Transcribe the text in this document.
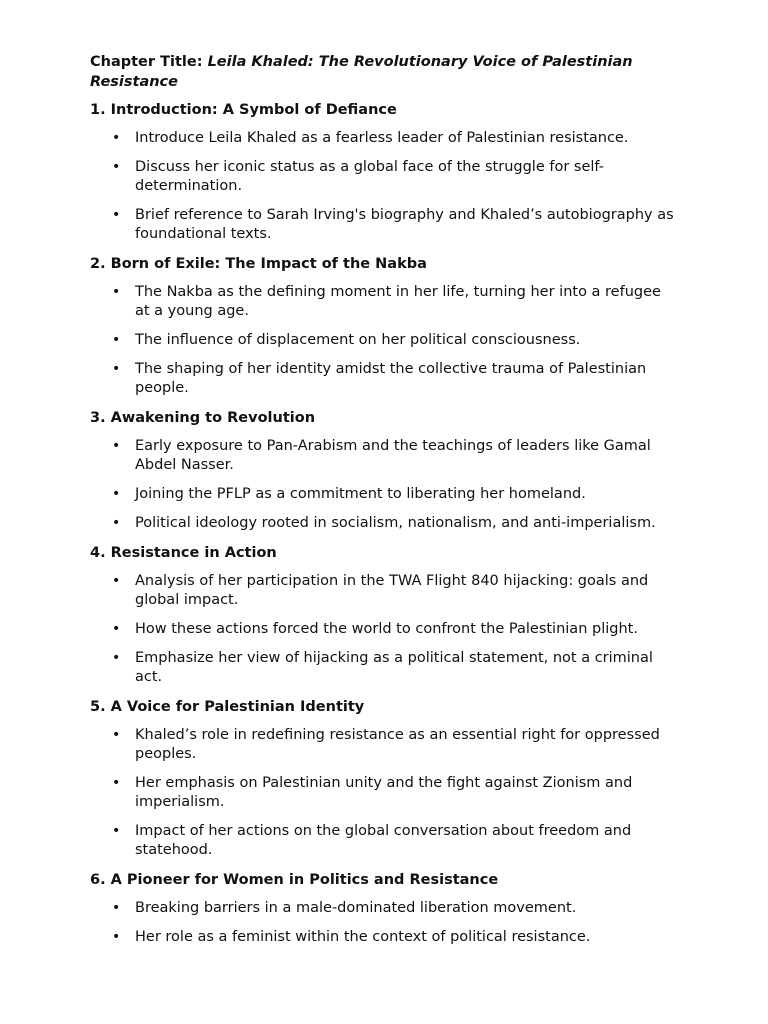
Chapter Title: Leila Khaled: The Revolutionary Voice of Palestinian Resistance
1. Introduction: A Symbol of Defiance
• Introduce Leila Khaled as a fearless leader of Palestinian resistance.
• Discuss her iconic status as a global face of the struggle for self-determination.
• Brief reference to Sarah Irving's biography and Khaled’s autobiography as foundational texts.
2. Born of Exile: The Impact of the Nakba
• The Nakba as the defining moment in her life, turning her into a refugee at a young age.
• The influence of displacement on her political consciousness.
• The shaping of her identity amidst the collective trauma of Palestinian people.
3. Awakening to Revolution
• Early exposure to Pan-Arabism and the teachings of leaders like Gamal Abdel Nasser.
• Joining the PFLP as a commitment to liberating her homeland.
• Political ideology rooted in socialism, nationalism, and anti-imperialism.
4. Resistance in Action
• Analysis of her participation in the TWA Flight 840 hijacking: goals and global impact.
• How these actions forced the world to confront the Palestinian plight.
• Emphasize her view of hijacking as a political statement, not a criminal act.
5. A Voice for Palestinian Identity
• Khaled’s role in redefining resistance as an essential right for oppressed peoples.
• Her emphasis on Palestinian unity and the fight against Zionism and imperialism.
• Impact of her actions on the global conversation about freedom and statehood.
6. A Pioneer for Women in Politics and Resistance
• Breaking barriers in a male-dominated liberation movement.
• Her role as a feminist within the context of political resistance.
